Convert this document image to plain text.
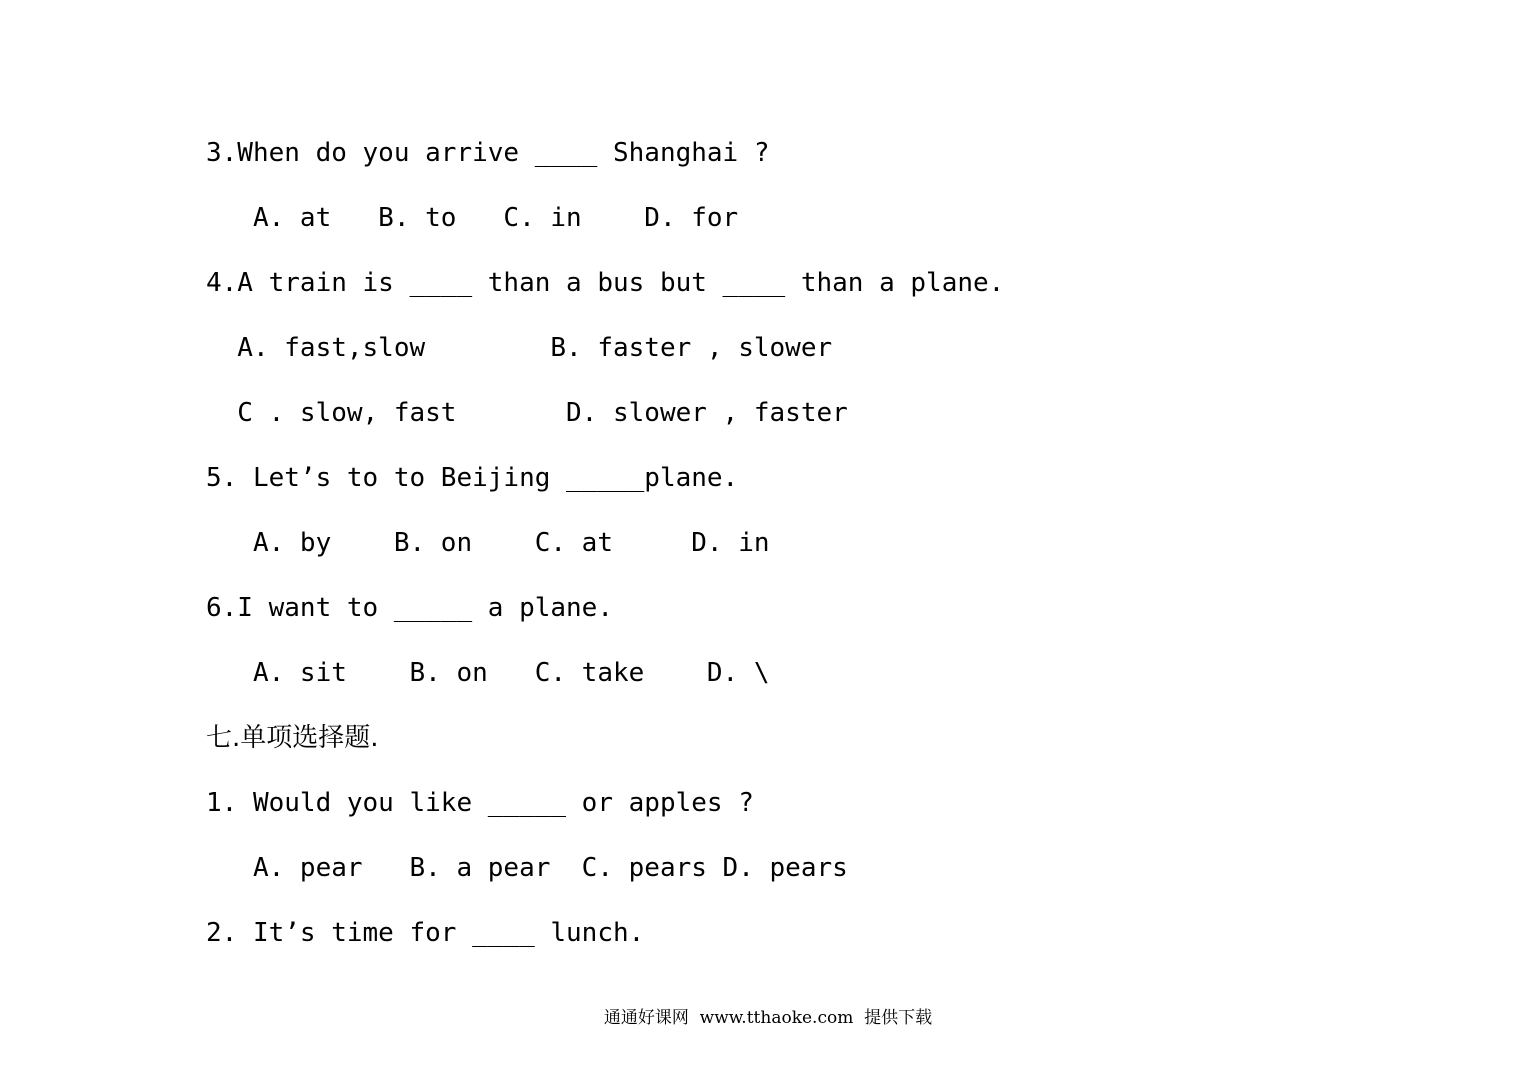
3.When do you arrive ____ Shanghai ?
A. at   B. to   C. in    D. for
4.A train is ____ than a bus but ____ than a plane.
A. fast,slow        B. faster , slower
C . slow, fast       D. slower , faster
5. Let’s to to Beijing _____plane.
A. by    B. on    C. at     D. in
6.I want to _____ a plane.
A. sit    B. on   C. take    D. \
七.单项选择题.
1. Would you like _____ or apples ?
A. pear   B. a pear  C. pears D. pears
2. It’s time for ____ lunch.
通通好课网  www.tthaoke.com  提供下载
